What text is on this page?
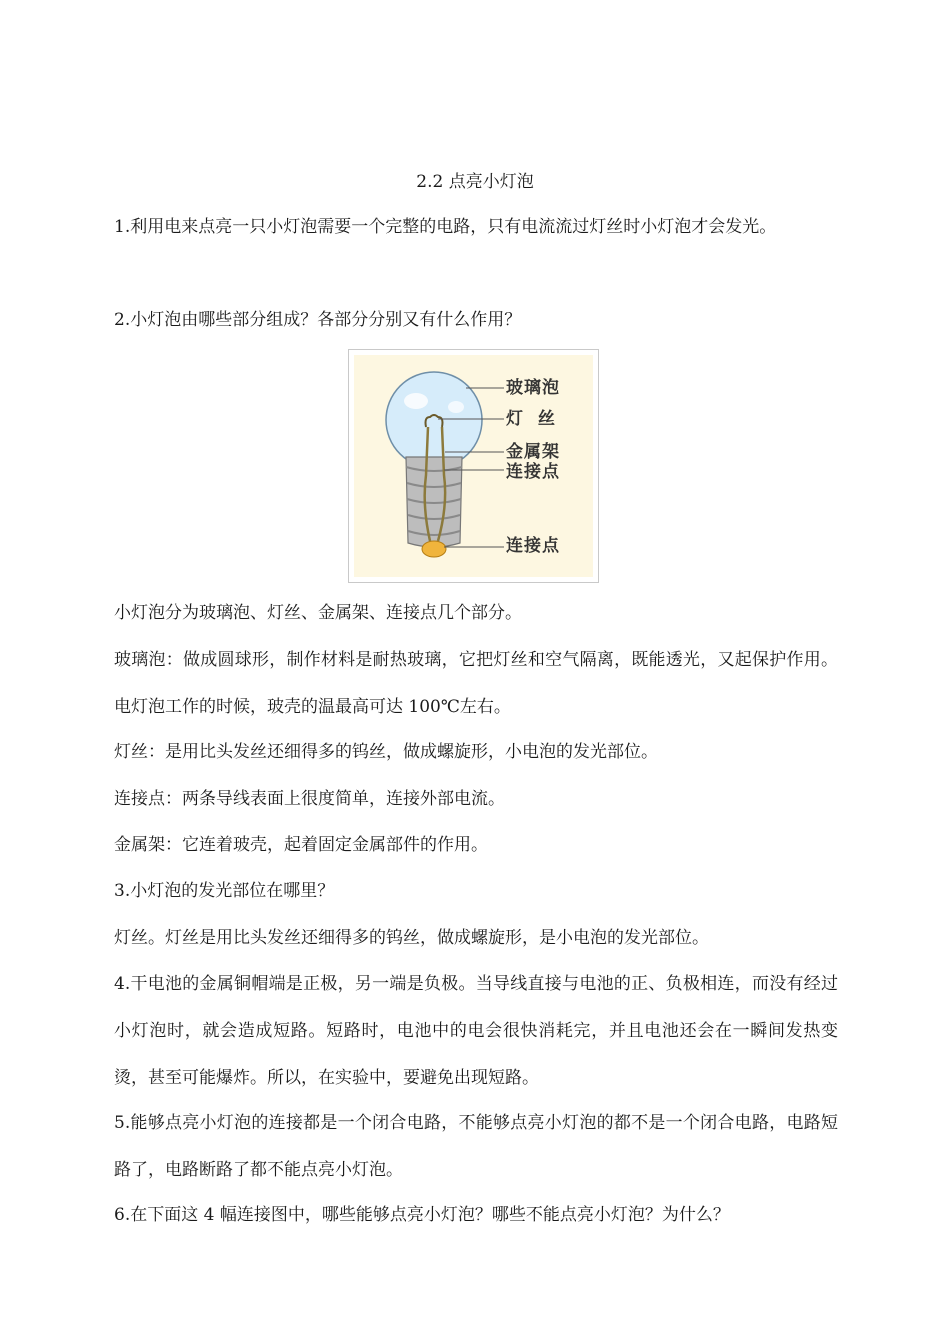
2.2 点亮小灯泡

1.利用电来点亮一只小灯泡需要一个完整的电路，只有电流流过灯丝时小灯泡才会发光。

2.小灯泡由哪些部分组成？各部分分别又有什么作用？

玻璃泡
灯  丝
金属架
连接点
连接点

小灯泡分为玻璃泡、灯丝、金属架、连接点几个部分。

玻璃泡：做成圆球形，制作材料是耐热玻璃，它把灯丝和空气隔离，既能透光，又起保护作用。电灯泡工作的时候，玻壳的温最高可达 100℃左右。

灯丝：是用比头发丝还细得多的钨丝，做成螺旋形，小电泡的发光部位。

连接点：两条导线表面上很度简单，连接外部电流。

金属架：它连着玻壳，起着固定金属部件的作用。

3.小灯泡的发光部位在哪里？

灯丝。灯丝是用比头发丝还细得多的钨丝，做成螺旋形，是小电泡的发光部位。

4.干电池的金属铜帽端是正极，另一端是负极。当导线直接与电池的正、负极相连，而没有经过小灯泡时，就会造成短路。短路时，电池中的电会很快消耗完，并且电池还会在一瞬间发热变烫，甚至可能爆炸。所以，在实验中，要避免出现短路。

5.能够点亮小灯泡的连接都是一个闭合电路，不能够点亮小灯泡的都不是一个闭合电路，电路短路了，电路断路了都不能点亮小灯泡。

6.在下面这 4 幅连接图中，哪些能够点亮小灯泡？哪些不能点亮小灯泡？为什么？
